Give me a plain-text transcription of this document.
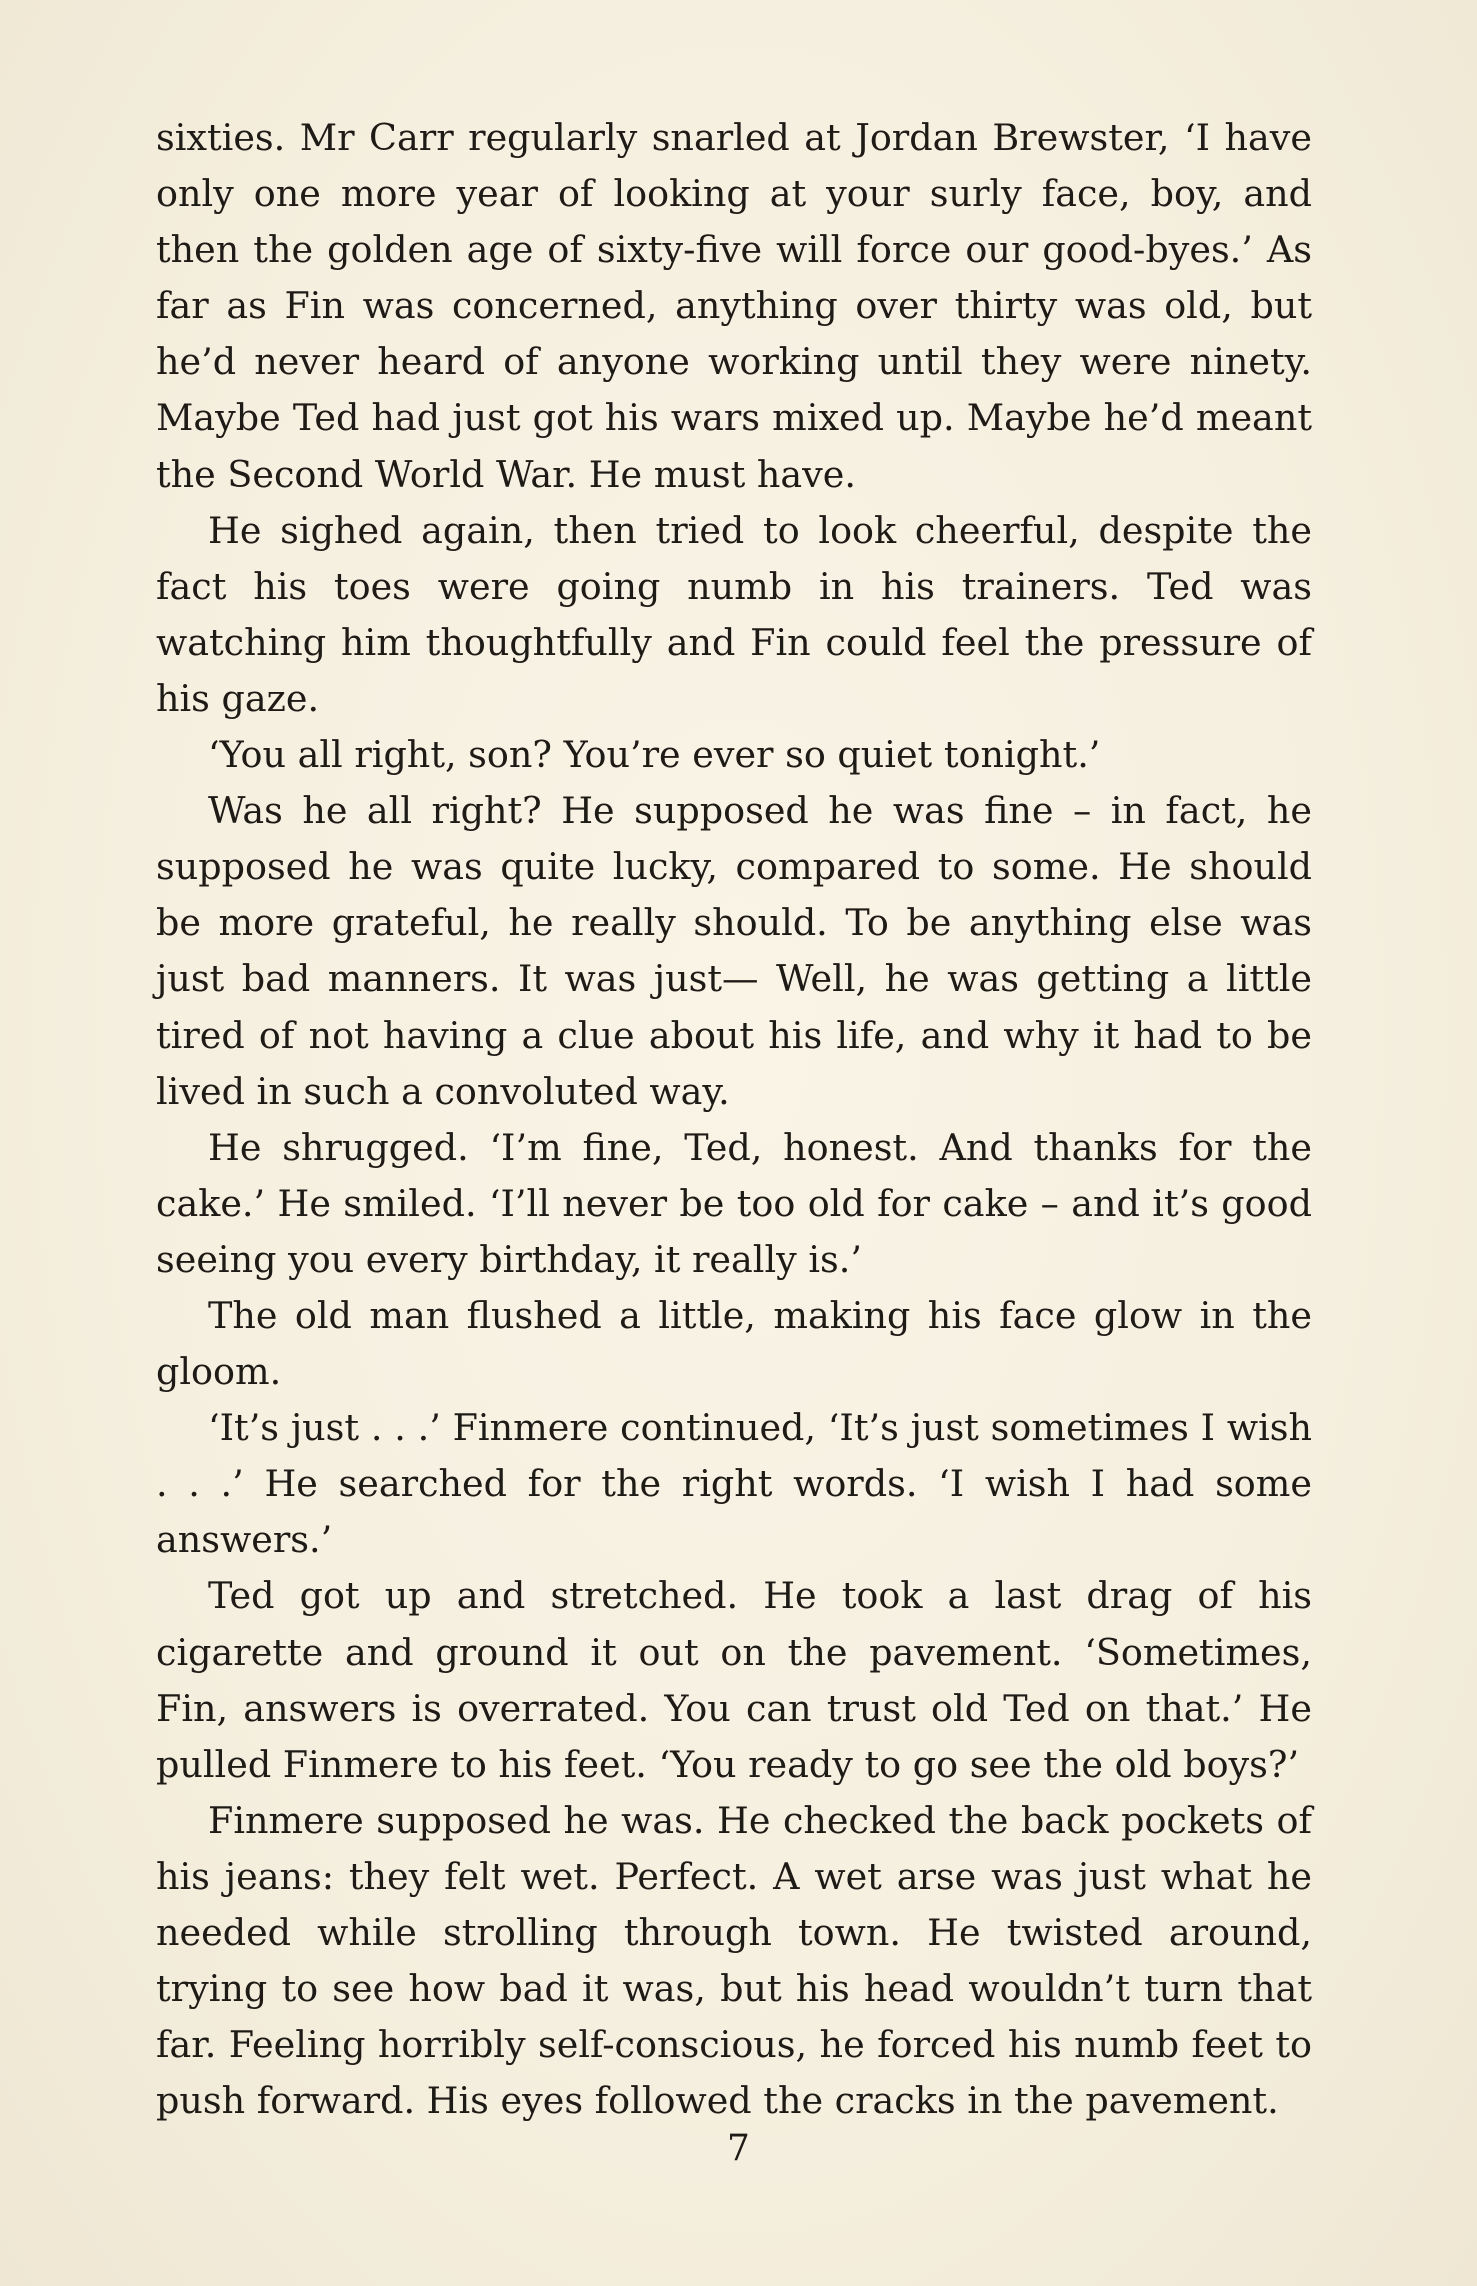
sixties. Mr Carr regularly snarled at Jordan Brewster, ‘I have only one more year of looking at your surly face, boy, and then the golden age of sixty-five will force our good-byes.’ As far as Fin was concerned, anything over thirty was old, but he’d never heard of anyone working until they were ninety. Maybe Ted had just got his wars mixed up. Maybe he’d meant the Second World War. He must have.

He sighed again, then tried to look cheerful, despite the fact his toes were going numb in his trainers. Ted was watching him thoughtfully and Fin could feel the pressure of his gaze.

‘You all right, son? You’re ever so quiet tonight.’

Was he all right? He supposed he was fine – in fact, he supposed he was quite lucky, compared to some. He should be more grateful, he really should. To be anything else was just bad manners. It was just— Well, he was getting a little tired of not having a clue about his life, and why it had to be lived in such a convoluted way.

He shrugged. ‘I’m fine, Ted, honest. And thanks for the cake.’ He smiled. ‘I’ll never be too old for cake – and it’s good seeing you every birthday, it really is.’

The old man flushed a little, making his face glow in the gloom.

‘It’s just . . .’ Finmere continued, ‘It’s just sometimes I wish . . .’ He searched for the right words. ‘I wish I had some answers.’

Ted got up and stretched. He took a last drag of his cigarette and ground it out on the pavement. ‘Sometimes, Fin, answers is overrated. You can trust old Ted on that.’ He pulled Finmere to his feet. ‘You ready to go see the old boys?’

Finmere supposed he was. He checked the back pockets of his jeans: they felt wet. Perfect. A wet arse was just what he needed while strolling through town. He twisted around, trying to see how bad it was, but his head wouldn’t turn that far. Feeling horribly self-conscious, he forced his numb feet to push forward. His eyes followed the cracks in the pavement.

7
